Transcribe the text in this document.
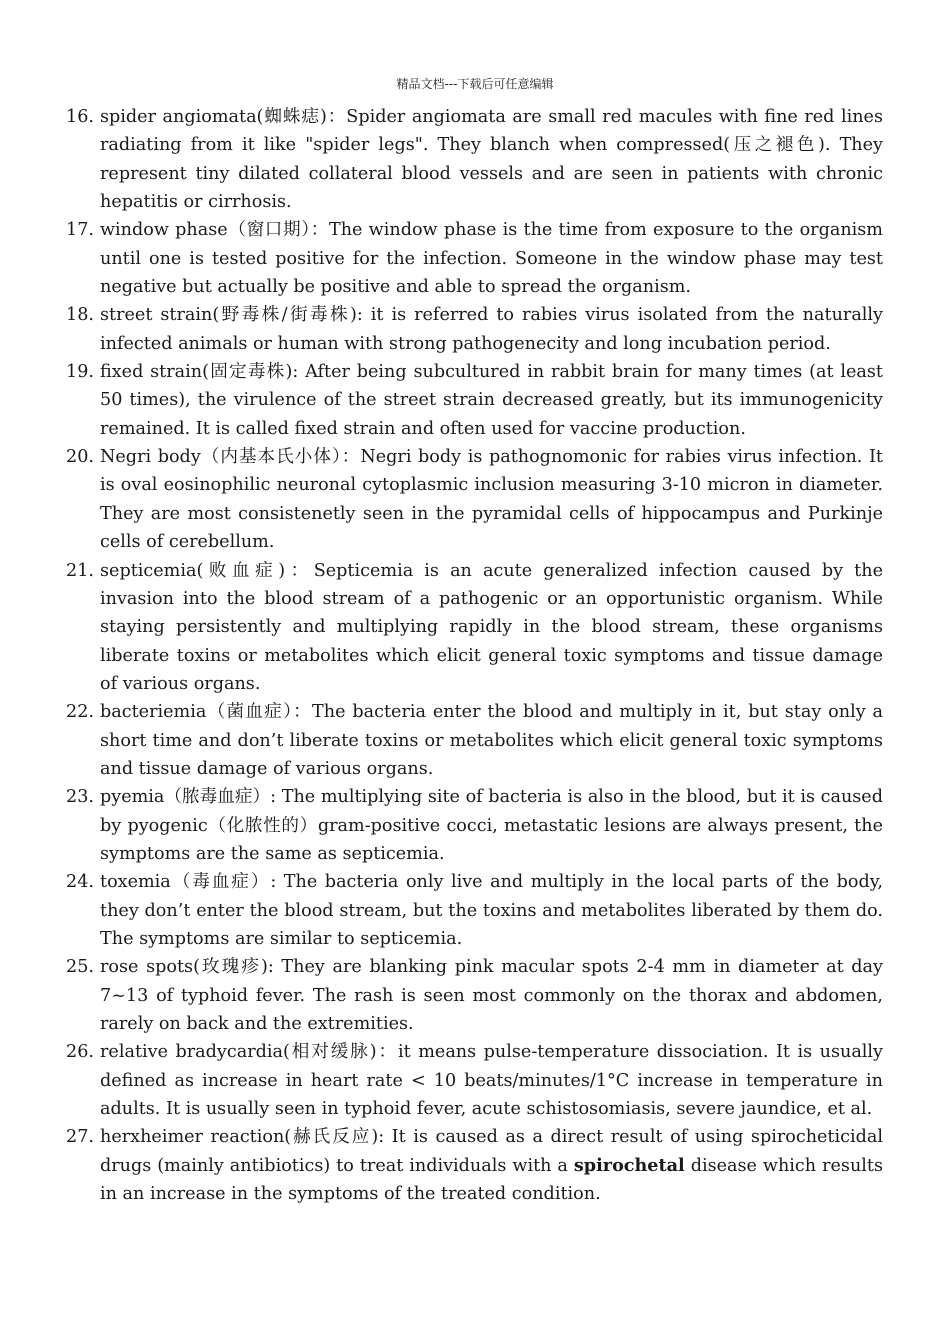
精品文档---下载后可任意编辑
16. spider angiomata(蜘蛛痣)：Spider angiomata are small red macules with fine red lines radiating from it like "spider legs". They blanch when compressed(压之褪色). They represent tiny dilated collateral blood vessels and are seen in patients with chronic hepatitis or cirrhosis.
17. window phase（窗口期）：The window phase is the time from exposure to the organism until one is tested positive for the infection. Someone in the window phase may test negative but actually be positive and able to spread the organism.
18. street strain(野毒株/街毒株): it is referred to rabies virus isolated from the naturally infected animals or human with strong pathogenecity and long incubation period.
19. fixed strain(固定毒株): After being subcultured in rabbit brain for many times (at least 50 times), the virulence of the street strain decreased greatly, but its immunogenicity remained. It is called fixed strain and often used for vaccine production.
20. Negri body（内基本氏小体）：Negri body is pathognomonic for rabies virus infection. It is oval eosinophilic neuronal cytoplasmic inclusion measuring 3-10 micron in diameter. They are most consistenetly seen in the pyramidal cells of hippocampus and Purkinje cells of cerebellum.
21. septicemia(败血症)：Septicemia is an acute generalized infection caused by the invasion into the blood stream of a pathogenic or an opportunistic organism. While staying persistently and multiplying rapidly in the blood stream, these organisms liberate toxins or metabolites which elicit general toxic symptoms and tissue damage of various organs.
22. bacteriemia（菌血症）：The bacteria enter the blood and multiply in it, but stay only a short time and don’t liberate toxins or metabolites which elicit general toxic symptoms and tissue damage of various organs.
23. pyemia（脓毒血症）: The multiplying site of bacteria is also in the blood, but it is caused by pyogenic（化脓性的）gram-positive cocci, metastatic lesions are always present, the symptoms are the same as septicemia.
24. toxemia（毒血症）: The bacteria only live and multiply in the local parts of the body, they don’t enter the blood stream, but the toxins and metabolites liberated by them do. The symptoms are similar to septicemia.
25. rose spots(玫瑰疹): They are blanking pink macular spots 2-4 mm in diameter at day 7~13 of typhoid fever. The rash is seen most commonly on the thorax and abdomen, rarely on back and the extremities.
26. relative bradycardia(相对缓脉)：it means pulse-temperature dissociation. It is usually defined as increase in heart rate < 10 beats/minutes/1°C increase in temperature in adults. It is usually seen in typhoid fever, acute schistosomiasis, severe jaundice, et al.
27. herxheimer reaction(赫氏反应): It is caused as a direct result of using spirocheticidal drugs (mainly antibiotics) to treat individuals with a spirochetal disease which results in an increase in the symptoms of the treated condition.
